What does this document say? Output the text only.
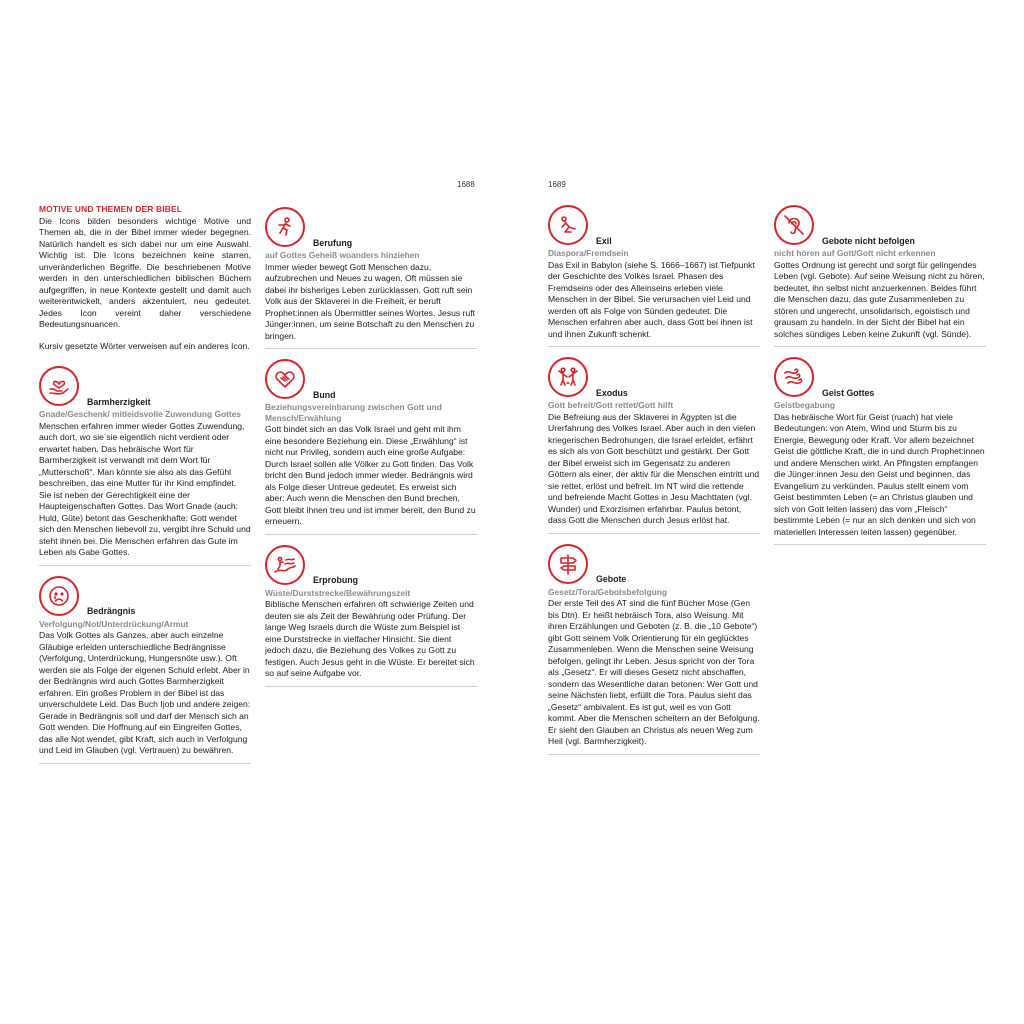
1688	1689
MOTIVE UND THEMEN DER BIBEL

Die Icons bilden besonders wichtige Motive und Themen ab, die in der Bibel immer wieder begegnen. Natürlich handelt es sich dabei nur um eine Auswahl. Wichtig ist: Die Icons bezeichnen keine starren, unveränderlichen Begriffe. Die beschriebenen Motive werden in den unterschiedlichen biblischen Büchern aufgegriffen, in neue Kontexte gestellt und damit auch weiterentwickelt, anders akzentuiert, neu gedeutet. Jedes Icon vereint daher verschiedene Bedeutungsnuancen.

Kursiv gesetzte Wörter verweisen auf ein anderes Icon.

Barmherzigkeit
Gnade/Geschenk/ mitleidsvolle Zuwendung Gottes
Menschen erfahren immer wieder Gottes Zuwendung, auch dort, wo sie sie eigentlich nicht verdient oder erwartet haben. Das hebräische Wort für Barmherzigkeit ist verwandt mit dem Wort für „Mutterschoß“. Man könnte sie also als das Gefühl beschreiben, das eine Mutter für ihr Kind empfindet. Sie ist neben der Gerechtigkeit eine der Haupteigenschaften Gottes. Das Wort Gnade (auch: Huld, Güte) betont das Geschenkhafte: Gott wendet sich den Menschen liebevoll zu, vergibt ihre Schuld und steht ihnen bei. Die Menschen erfahren das Gute im Leben als Gabe Gottes.
Bedrängnis
Verfolgung/Not/Unterdrückung/Armut
Das Volk Gottes als Ganzes, aber auch einzelne Gläubige erleiden unterschiedliche Bedrängnisse (Verfolgung, Unterdrückung, Hungersnöte usw.). Oft werden sie als Folge der eigenen Schuld erlebt. Aber in der Bedrängnis wird auch Gottes Barmherzigkeit erfahren. Ein großes Problem in der Bibel ist das unverschuldete Leid. Das Buch Ijob und andere zeigen: Gerade in Bedrängnis soll und darf der Mensch sich an Gott wenden. Die Hoffnung auf ein Eingreifen Gottes, das alle Not wendet, gibt Kraft, sich auch in Verfolgung und Leid im Glauben (vgl. Vertrauen) zu bewähren.
Berufung
auf Gottes Geheiß woanders hinziehen
Immer wieder bewegt Gott Menschen dazu, aufzubrechen und Neues zu wagen. Oft müssen sie dabei ihr bisheriges Leben zurücklassen. Gott ruft sein Volk aus der Sklaverei in die Freiheit, er beruft Prophet:innen als Übermittler seines Wortes. Jesus ruft Jünger:innen, um seine Botschaft zu den Menschen zu bringen.
Bund
Beziehungsvereinbarung zwischen Gott und Mensch/Erwählung
Gott bindet sich an das Volk Israel und geht mit ihm eine besondere Beziehung ein. Diese „Erwählung“ ist nicht nur Privileg, sondern auch eine große Aufgabe: Durch Israel sollen alle Völker zu Gott finden. Das Volk bricht den Bund jedoch immer wieder. Bedrängnis wird als Folge dieser Untreue gedeutet. Es erweist sich aber: Auch wenn die Menschen den Bund brechen, Gott bleibt ihnen treu und ist immer bereit, den Bund zu erneuern.
Erprobung
Wüste/Durststrecke/Bewährungszeit
Biblische Menschen erfahren oft schwierige Zeiten und deuten sie als Zeit der Bewährung oder Prüfung. Der lange Weg Israels durch die Wüste zum Beispiel ist eine Durststrecke in vielfacher Hinsicht. Sie dient jedoch dazu, die Beziehung des Volkes zu Gott zu festigen. Auch Jesus geht in die Wüste. Er bereitet sich so auf seine Aufgabe vor.
Exil
Diaspora/Fremdsein
Das Exil in Babylon (siehe S. 1666–1667) ist Tiefpunkt der Geschichte des Volkes Israel. Phasen des Fremdseins oder des Alleinseins erleben viele Menschen in der Bibel. Sie verursachen viel Leid und werden oft als Folge von Sünden gedeutet. Die Menschen erfahren aber auch, dass Gott bei ihnen ist und ihnen Zukunft schenkt.
Exodus
Gott befreit/Gott rettet/Gott hilft
Die Befreiung aus der Sklaverei in Ägypten ist die Urerfahrung des Volkes Israel. Aber auch in den vielen kriegerischen Bedrohungen, die Israel erleidet, erfährt es sich als von Gott beschützt und gestärkt. Der Gott der Bibel erweist sich im Gegensatz zu anderen Göttern als einer, der aktiv für die Menschen eintritt und sie rettet, erlöst und befreit. Im NT wird die rettende und befreiende Macht Gottes in Jesu Machttaten (vgl. Wunder) und Exorzismen erfahrbar. Paulus betont, dass Gott die Menschen durch Jesus erlöst hat.
Gebote
Gesetz/Tora/Gebotsbefolgung
Der erste Teil des AT sind die fünf Bücher Mose (Gen bis Dtn). Er heißt hebräisch Tora, also Weisung. Mit ihren Erzählungen und Geboten (z. B. die „10 Gebote“) gibt Gott seinem Volk Orientierung für ein geglücktes Zusammenleben. Wenn die Menschen seine Weisung befolgen, gelingt ihr Leben. Jesus spricht von der Tora als „Gesetz“. Er will dieses Gesetz nicht abschaffen, sondern das Wesentliche daran betonen: Wer Gott und seine Nächsten liebt, erfüllt die Tora. Paulus sieht das „Gesetz“ ambivalent. Es ist gut, weil es von Gott kommt. Aber die Menschen scheitern an der Befolgung. Er sieht den Glauben an Christus als neuen Weg zum Heil (vgl. Barmherzigkeit).
Gebote nicht befolgen
nicht hören auf Gott/Gott nicht erkennen
Gottes Ordnung ist gerecht und sorgt für gelingendes Leben (vgl. Gebote). Auf seine Weisung nicht zu hören, bedeutet, ihn selbst nicht anzuerkennen. Beides führt die Menschen dazu, das gute Zusammenleben zu stören und ungerecht, unsolidarisch, egoistisch und grausam zu handeln. In der Sicht der Bibel hat ein solches sündiges Leben keine Zukunft (vgl. Sünde).
Geist Gottes
Geistbegabung
Das hebräische Wort für Geist (ruach) hat viele Bedeutungen: von Atem, Wind und Sturm bis zu Energie, Bewegung oder Kraft. Vor allem bezeichnet Geist die göttliche Kraft, die in und durch Prophet:innen und andere Menschen wirkt. An Pfingsten empfangen die Jünger:innen Jesu den Geist und beginnen, das Evangelium zu verkünden. Paulus stellt einem vom Geist bestimmten Leben (= an Christus glauben und sich von Gott leiten lassen) das vom „Fleisch“ bestimmte Leben (= nur an sich denken und sich von materiellen Interessen leiten lassen) gegenüber.
